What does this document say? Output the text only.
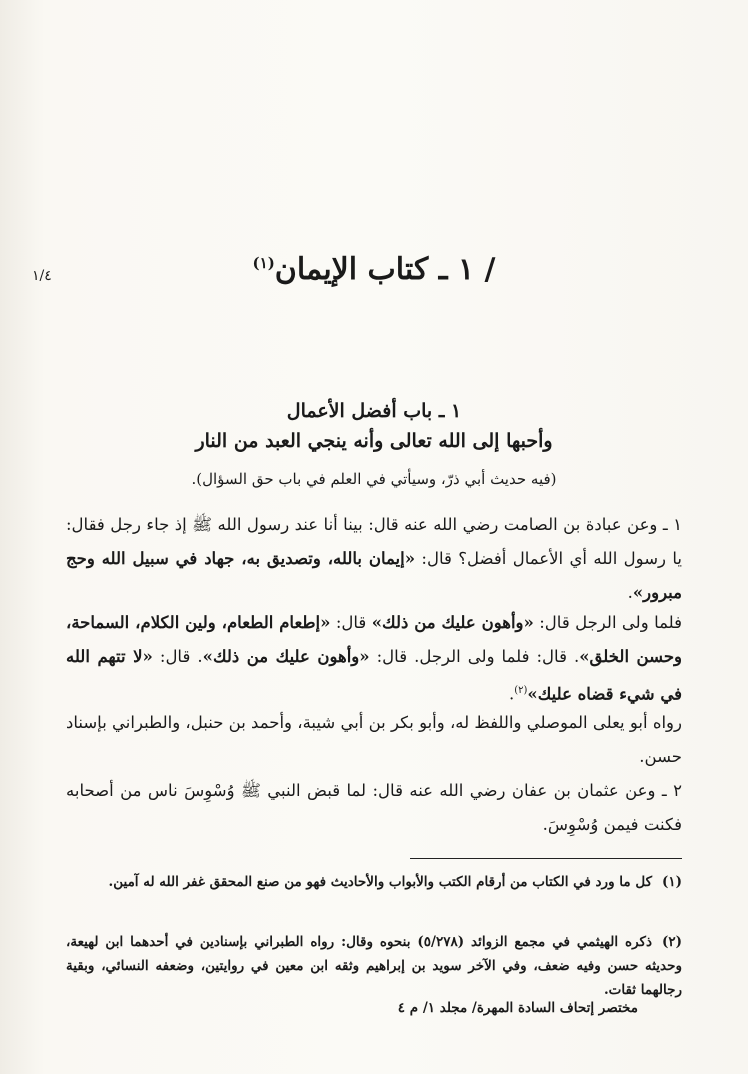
/ ١ ـ كتاب الإيمان$^{(١)}$
١/٤
١ ـ باب أفضل الأعمال
وأحبها إلى الله تعالى وأنه ينجي العبد من النار
(فيه حديث أبي ذرّ، وسيأتي في العلم في باب حق السؤال).
١ ـ وعن عبادة بن الصامت رضي الله عنه قال: بينا أنا عند رسول الله ﷺ إذ جاء رجل فقال: يا رسول الله أي الأعمال أفضل؟ قال: «إيمان بالله، وتصديق به، جهاد في سبيل الله وحج مبرور».
فلما ولى الرجل قال: «وأهون عليك من ذلك» قال: «إطعام الطعام، ولين الكلام، السماحة، وحسن الخلق». قال: فلما ولى الرجل. قال: «وأهون عليك من ذلك». قال: «لا تتهم الله في شيء قضاه عليك»$^{(٢)}$.
رواه أبو يعلى الموصلي واللفظ له، وأبو بكر بن أبي شيبة، وأحمد بن حنبل، والطبراني بإسناد حسن.
٢ ـ وعن عثمان بن عفان رضي الله عنه قال: لما قبض النبي ﷺ وُسْوِسَ ناس من أصحابه فكنت فيمن وُسْوِسَ.
(١)كل ما ورد في الكتاب من أرقام الكتب والأبواب والأحاديث فهو من صنع المحقق غفر الله له آمين.
(٢)ذكره الهيثمي في مجمع الزوائد (٥/٢٧٨) بنحوه وقال: رواه الطبراني بإسنادين في أحدهما ابن لهيعة، وحديثه حسن وفيه ضعف، وفي الآخر سويد بن إبراهيم وثقه ابن معين في روايتين، وضعفه النسائي، وبقية رجالهما ثقات.
مختصر إتحاف السادة المهرة/ مجلد ١/ م ٤
